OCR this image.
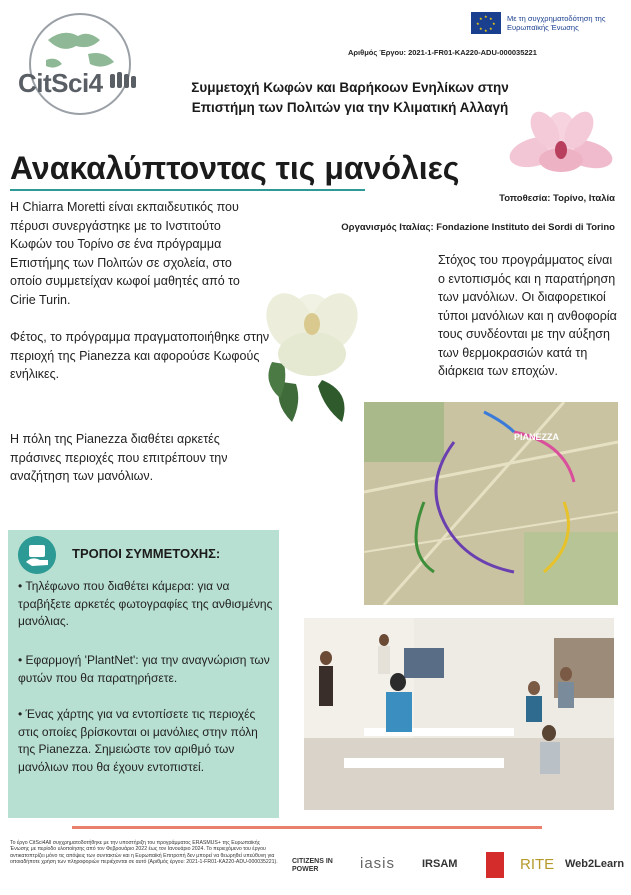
CitSci4
★ ★
★
★
★
★
★
★	Με τη συγχρηματοδότηση της Ευρωπαϊκής Ένωσης
Αριθμός Έργου: 2021-1-FR01-KA220-ADU-000035221
Συμμετοχή Κωφών και Βαρήκοων Ενηλίκων στην
Επιστήμη των Πολιτών για την Κλιματική Αλλαγή
Ανακαλύπτοντας τις μανόλιες
Τοποθεσία: Τορίνο, Ιταλία
Οργανισμός Ιταλίας: Fondazione Instituto dei Sordi di Torino
Η Chiarra Moretti είναι εκπαιδευτικός που πέρυσι συνεργάστηκε με το Ινστιτούτο Κωφών του Τορίνο σε ένα πρόγραμμα Επιστήμης των Πολιτών σε σχολεία, στο οποίο συμμετείχαν κωφοί μαθητές από το Cirie Turin.
Φέτος, το πρόγραμμα πραγματοποιήθηκε στην περιοχή της Pianezza και αφορούσε Κωφούς ενήλικες.
Η πόλη της Pianezza διαθέτει αρκετές πράσινες περιοχές που επιτρέπουν την αναζήτηση των μανόλιων.
Στόχος του προγράμματος είναι ο εντοπισμός και η παρατήρηση των μανόλιων. Οι διαφορετικοί τύποι μανόλιων και η ανθοφορία τους συνδέονται με την αύξηση των θερμοκρασιών κατά τη διάρκεια των εποχών.
PIANEZZA
ΤΡΟΠΟΙ ΣΥΜΜΕΤΟΧΗΣ:
• Τηλέφωνο που διαθέτει κάμερα: για να τραβήξετε αρκετές φωτογραφίες της ανθισμένης μανόλιας.
• Εφαρμογή 'PlantNet': για την αναγνώριση των φυτών που θα παρατηρήσετε.
• Ένας χάρτης για να εντοπίσετε τις περιοχές στις οποίες βρίσκονται οι μανόλιες στην πόλη της Pianezza. Σημειώστε τον αριθμό των μανόλιων που θα έχουν εντοπιστεί.
Το έργο CitSci4All συγχρηματοδοτήθηκε με την υποστήριξη του προγράμματος ERASMUS+ της Ευρωπαϊκής Ένωσης με περίοδο υλοποίησης από τον Φεβρουάριο 2022 έως τον Ιανουάριο 2024. Το περιεχόμενο του έργου αντικατοπτρίζει μόνο τις απόψεις των συντακτών και η Ευρωπαϊκή Επιτροπή δεν μπορεί να θεωρηθεί υπεύθυνη για οποιαδήποτε χρήση των πληροφοριών περιέχονται σε αυτό (Αριθμός έργου: 2021-1-FR01-KA220-ADU-000035221).	CITIZENS IN POWER	iasis IRSAM	RITE Web2Learn
